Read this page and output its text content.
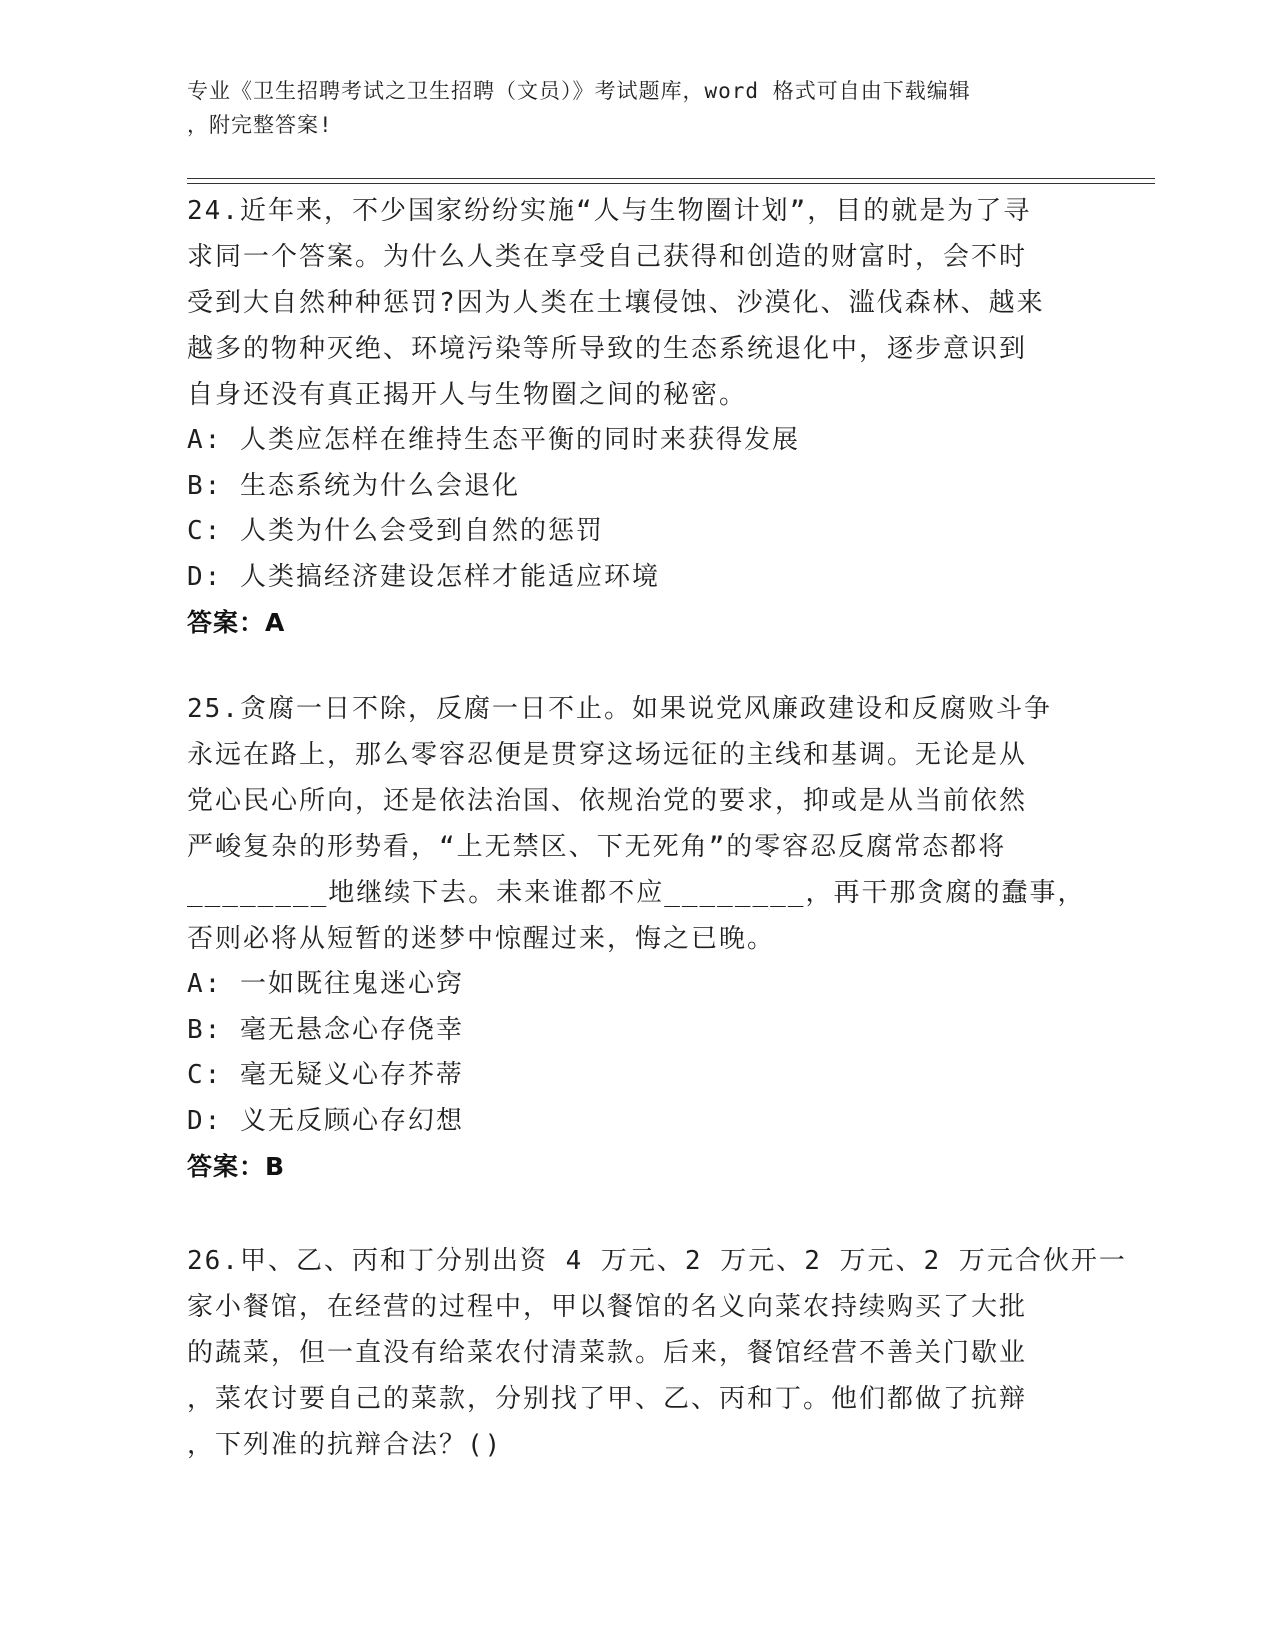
专业《卫生招聘考试之卫生招聘（文员）》考试题库，word 格式可自由下载编辑
，附完整答案!
24.近年来，不少国家纷纷实施“人与生物圈计划”，目的就是为了寻
求同一个答案。为什么人类在享受自己获得和创造的财富时，会不时
受到大自然种种惩罚?因为人类在土壤侵蚀、沙漠化、滥伐森林、越来
越多的物种灭绝、环境污染等所导致的生态系统退化中，逐步意识到
自身还没有真正揭开人与生物圈之间的秘密。
A: 人类应怎样在维持生态平衡的同时来获得发展
B: 生态系统为什么会退化
C: 人类为什么会受到自然的惩罚
D: 人类搞经济建设怎样才能适应环境
答案：A
25.贪腐一日不除，反腐一日不止。如果说党风廉政建设和反腐败斗争
永远在路上，那么零容忍便是贯穿这场远征的主线和基调。无论是从
党心民心所向，还是依法治国、依规治党的要求，抑或是从当前依然
严峻复杂的形势看，“上无禁区、下无死角”的零容忍反腐常态都将
________地继续下去。未来谁都不应________，再干那贪腐的蠢事，
否则必将从短暂的迷梦中惊醒过来，悔之已晚。
A: 一如既往鬼迷心窍
B: 毫无悬念心存侥幸
C: 毫无疑义心存芥蒂
D: 义无反顾心存幻想
答案：B
26.甲、乙、丙和丁分别出资 4 万元、2 万元、2 万元、2 万元合伙开一
家小餐馆，在经营的过程中，甲以餐馆的名义向菜农持续购买了大批
的蔬菜，但一直没有给菜农付清菜款。后来，餐馆经营不善关门歇业
，菜农讨要自己的菜款，分别找了甲、乙、丙和丁。他们都做了抗辩
，下列准的抗辩合法？()
